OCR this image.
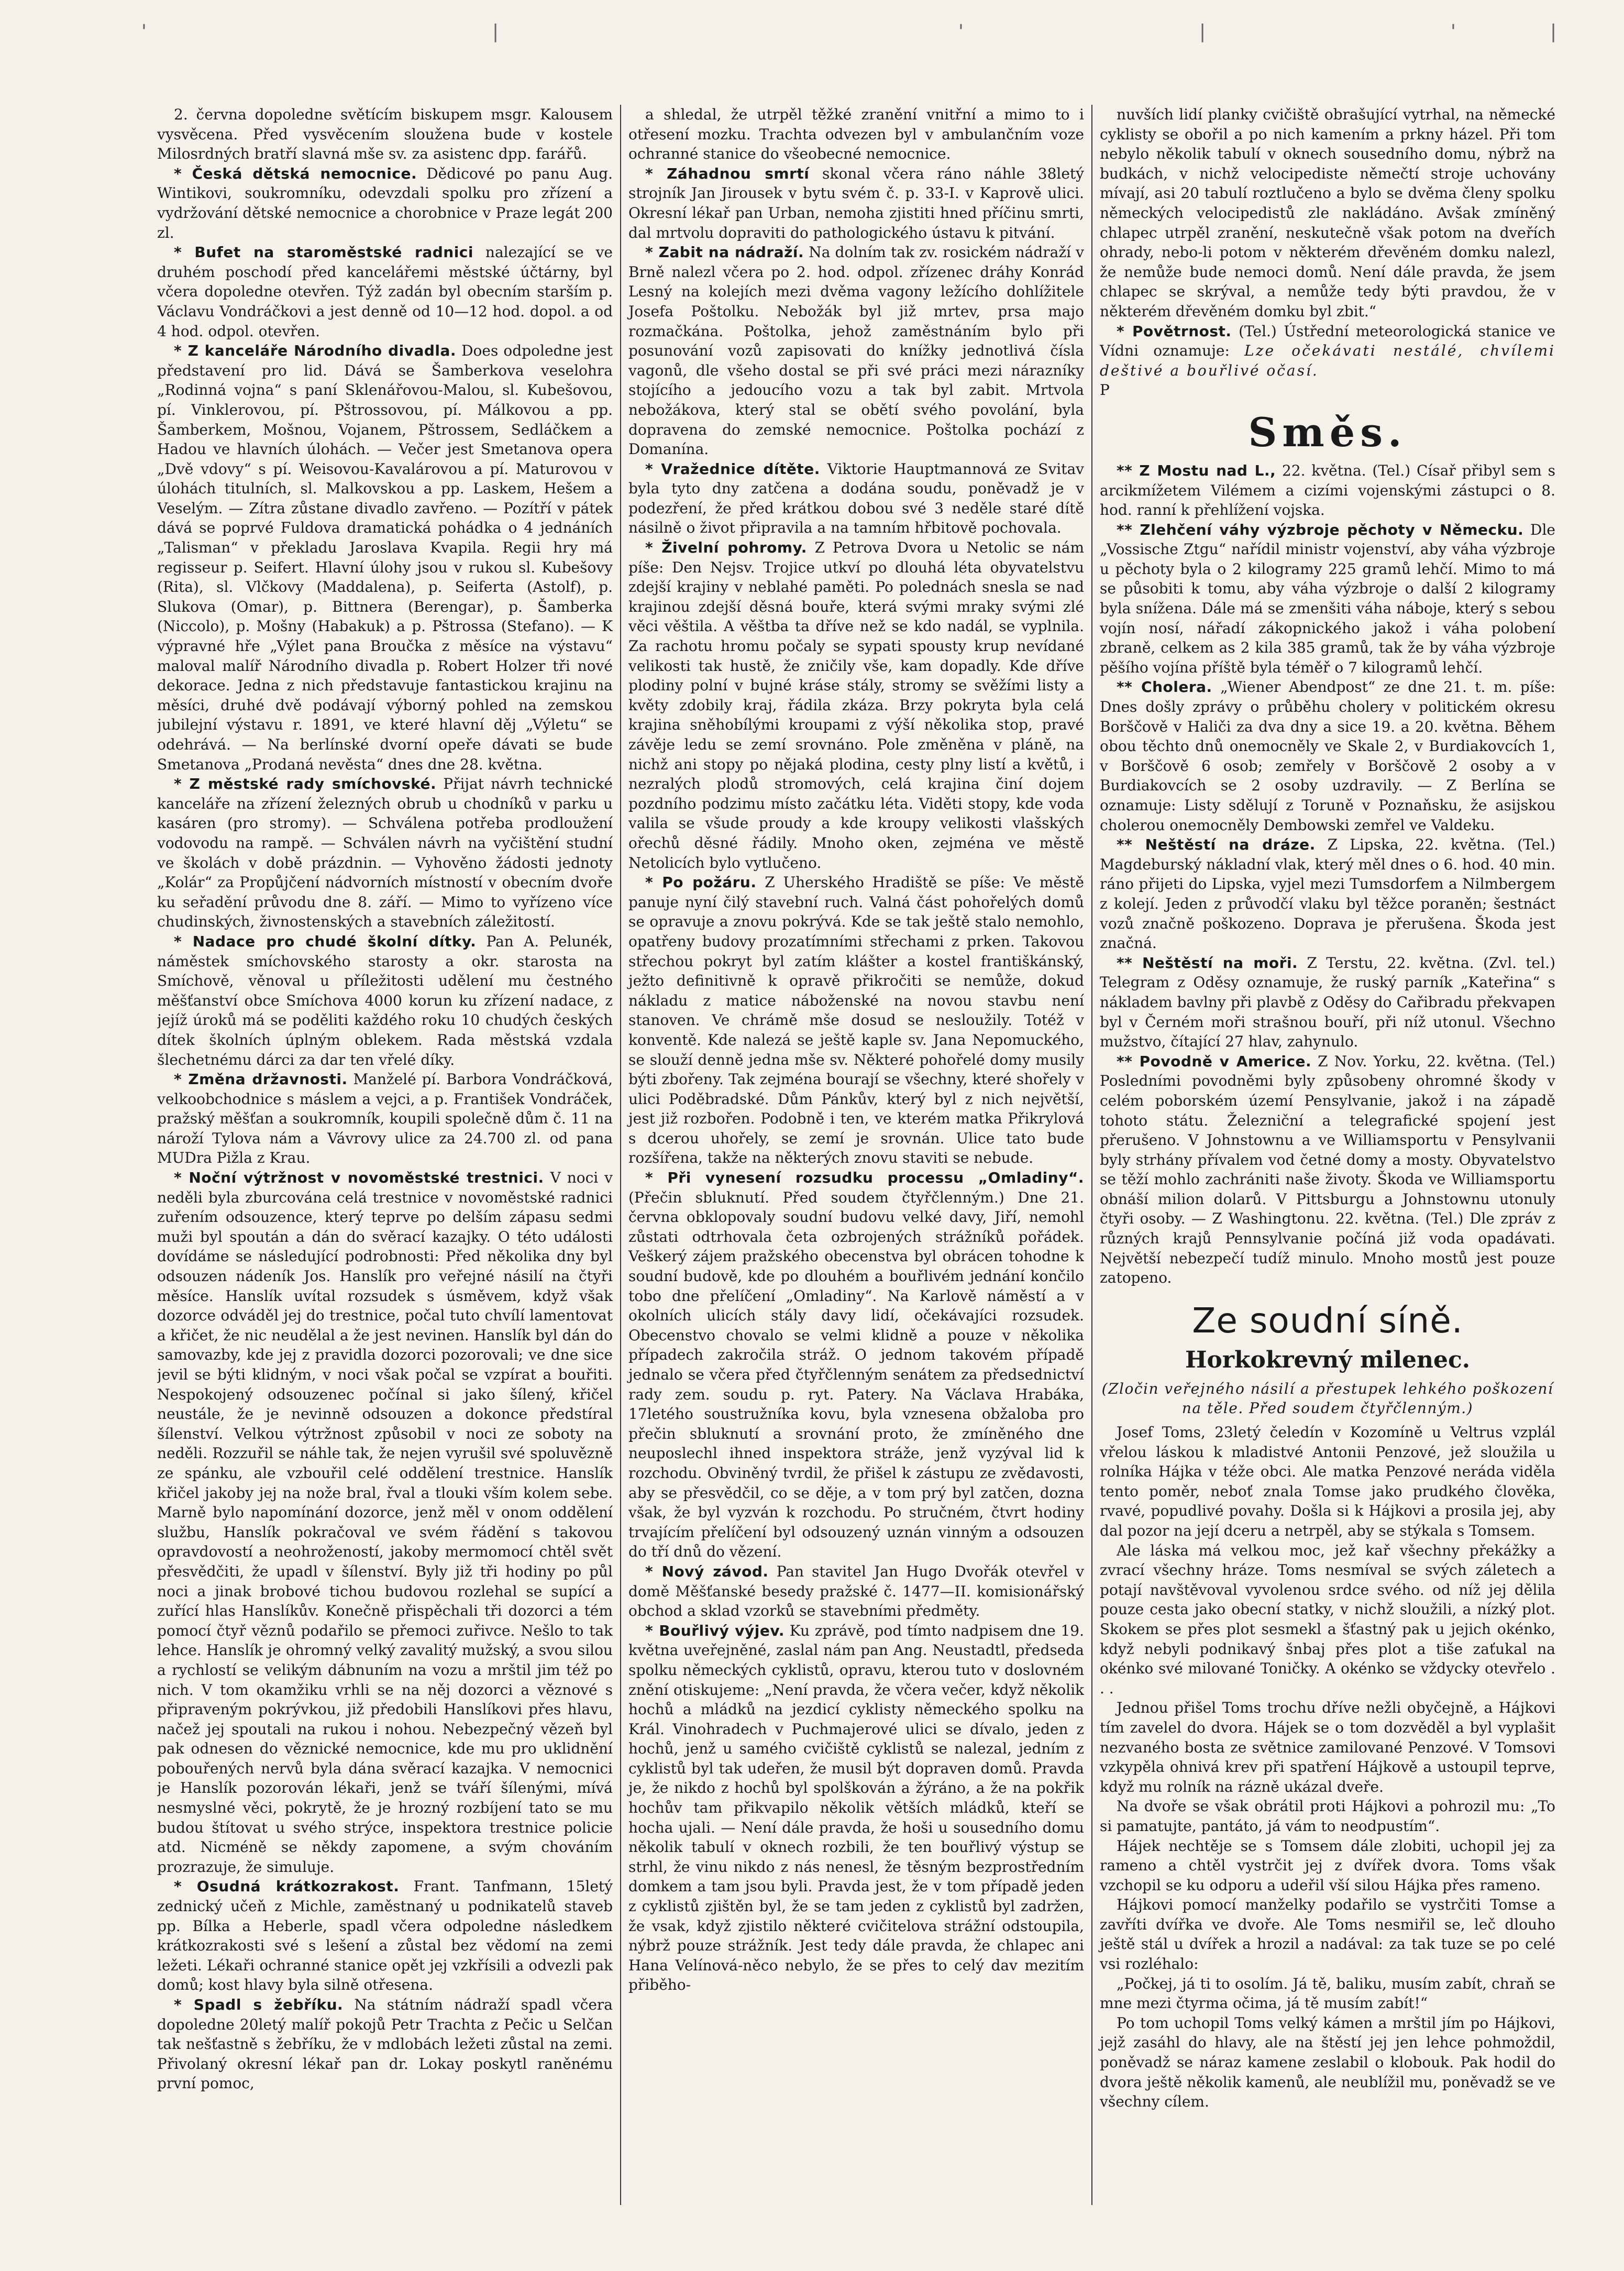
'	|	'	|	'	|

2. června dopoledne světícím biskupem msgr. Kalousem vysvěcena. Před vysvěcením sloužena bude v kostele Milosrdných bratří slavná mše sv. za asistenc dpp. farářů.

* Česká dětská nemocnice. Dědicové po panu Aug. Wintikovi, soukromníku, odevzdali spolku pro zřízení a vydržování dětské nemocnice a chorobnice v Praze legát 200 zl.

* Bufet na staroměstské radnici nalezající se ve druhém poschodí před kancelářemi městské účtárny, byl včera dopoledne otevřen. Týž zadán byl obecním starším p. Václavu Vondráčkovi a jest denně od 10—12 hod. dopol. a od 4 hod. odpol. otevřen.

* Z kanceláře Národního divadla. Does odpoledne jest představení pro lid. Dává se Šamberkova veselohra „Rodinná vojna“ s paní Sklenářovou-Malou, sl. Kubešovou, pí. Vinklerovou, pí. Pštrossovou, pí. Málkovou a pp. Šamberkem, Mošnou, Vojanem, Pštrossem, Sedláčkem a Hadou ve hlavních úlohách. — Večer jest Smetanova opera „Dvě vdovy“ s pí. Weisovou-Kavalárovou a pí. Maturovou v úlohách titulních, sl. Malkovskou a pp. Laskem, Hešem a Veselým. — Zítra zůstane divadlo zavřeno. — Pozítří v pátek dává se poprvé Fuldova dramatická pohádka o 4 jednáních „Talisman“ v překladu Jaroslava Kvapila. Regii hry má regisseur p. Seifert. Hlavní úlohy jsou v rukou sl. Kubešovy (Rita), sl. Vlčkovy (Maddalena), p. Seiferta (Astolf), p. Slukova (Omar), p. Bittnera (Berengar), p. Šamberka (Niccolo), p. Mošny (Habakuk) a p. Pštrossa (Stefano). — K výpravné hře „Výlet pana Broučka z měsíce na výstavu“ maloval malíř Národního divadla p. Robert Holzer tři nové dekorace. Jedna z nich představuje fantastickou krajinu na měsíci, druhé dvě podávají výborný pohled na zemskou jubilejní výstavu r. 1891, ve které hlavní děj „Výletu“ se odehrává. — Na berlínské dvorní opeře dávati se bude Smetanova „Prodaná nevěsta“ dnes dne 28. května.

* Z městské rady smíchovské. Přijat návrh technické kanceláře na zřízení železných obrub u chodníků v parku u kasáren (pro stromy). — Schválena potřeba prodloužení vodovodu na rampě. — Schválen návrh na vyčištění studní ve školách v době prázdnin. — Vyhověno žádosti jednoty „Kolár“ za Propůjčení nádvorních místností v obecním dvoře ku seřadění průvodu dne 8. září. — Mimo to vyřízeno více chudinských, živnostenských a stavebních záležitostí.

* Nadace pro chudé školní dítky. Pan A. Pelunék, náměstek smíchovského starosty a okr. starosta na Smíchově, věnoval u příležitosti udělení mu čestného měšťanství obce Smíchova 4000 korun ku zřízení nadace, z jejíž úroků má se poděliti každého roku 10 chudých českých dítek školních úplným oblekem. Rada městská vzdala šlechetnému dárci za dar ten vřelé díky.

* Změna državnosti. Manželé pí. Barbora Vondráčková, velkoobchodnice s máslem a vejci, a p. František Vondráček, pražský měšťan a soukromník, koupili společně dům č. 11 na nároží Tylova nám a Vávrovy ulice za 24.700 zl. od pana MUDra Pižla z Krau.

* Noční výtržnost v novoměstské trestnici. V noci v neděli byla zburcována celá trestnice v novoměstské radnici zuřením odsouzence, který teprve po delším zápasu sedmi muži byl spoután a dán do svěrací kazajky. O této události dovídáme se následující podrobnosti: Před několika dny byl odsouzen nádeník Jos. Hanslík pro veřejné násilí na čtyři měsíce. Hanslík uvítal rozsudek s úsměvem, když však dozorce odváděl jej do trestnice, počal tuto chvílí lamentovat a křičet, že nic neudělal a že jest nevinen. Hanslík byl dán do samovazby, kde jej z pravidla dozorci pozorovali; ve dne sice jevil se býti klidným, v noci však počal se vzpírat a bouřiti. Nespokojený odsouzenec počínal si jako šílený, křičel neustále, že je nevinně odsouzen a dokonce předstíral šílenství. Velkou výtržnost způsobil v noci ze soboty na neděli. Rozzuřil se náhle tak, že nejen vyrušil své spoluvězně ze spánku, ale vzbouřil celé oddělení trestnice. Hanslík křičel jakoby jej na nože bral, řval a tlouki vším kolem sebe. Marně bylo napomínání dozorce, jenž měl v onom oddělení službu, Hanslík pokračoval ve svém řádění s takovou opravdovostí a neohrožeností, jakoby mermomocí chtěl svět přesvědčiti, že upadl v šílenství. Byly již tři hodiny po půl noci a jinak brobové tichou budovou rozlehal se supící a zuřící hlas Hanslíkův. Konečně přispěchali tři dozorci a tém pomocí čtyř věznů podařilo se přemoci zuřivce. Nešlo to tak lehce. Hanslík je ohromný velký zavalitý mužský, a svou silou a rychlostí se velikým dábnuním na vozu a mrštil jim též po nich. V tom okamžiku vrhli se na něj dozorci a věznové s připraveným pokrývkou, již předobili Hanslíkovi přes hlavu, načež jej spoutali na rukou i nohou. Nebezpečný vězeň byl pak odnesen do věznické nemocnice, kde mu pro uklidnění pobouřených nervů byla dána svěrací kazajka. V nemocnici je Hanslík pozorován lékaři, jenž se tváří šílenými, mívá nesmyslné věci, pokrytě, že je hrozný rozbíjení tato se mu budou štítovat u svého strýce, inspektora trestnice policie atd. Nicméně se někdy zapomene, a svým chováním prozrazuje, že simuluje.

* Osudná krátkozrakost. Frant. Tanfmann, 15letý zednický učeň z Michle, zaměstnaný u podnikatelů staveb pp. Bílka a Heberle, spadl včera odpoledne následkem krátkozrakosti své s lešení a zůstal bez vědomí na zemi ležeti. Lékaři ochranné stanice opět jej vzkřísili a odvezli pak domů; kost hlavy byla silně otřesena.

* Spadl s žebříku. Na státním nádraží spadl včera dopoledne 20letý malíř pokojů Petr Trachta z Pečic u Selčan tak nešťastně s žebříku, že v mdlobách ležeti zůstal na zemi. Přivolaný okresní lékař pan dr. Lokay poskytl raněnému první pomoc,

a shledal, že utrpěl těžké zranění vnitřní a mimo to i otřesení mozku. Trachta odvezen byl v ambulančním voze ochranné stanice do všeobecné nemocnice.

* Záhadnou smrtí skonal včera ráno náhle 38letý strojník Jan Jirousek v bytu svém č. p. 33-I. v Kaprově ulici. Okresní lékař pan Urban, nemoha zjistiti hned příčinu smrti, dal mrtvolu dopraviti do pathologického ústavu k pitvání.

* Zabit na nádraží. Na dolním tak zv. rosickém nádraží v Brně nalezl včera po 2. hod. odpol. zřízenec dráhy Konrád Lesný na kolejích mezi dvěma vagony ležícího dohlížitele Josefa Poštolku. Nebožák byl již mrtev, prsa majo rozmačkána. Poštolka, jehož zaměstnáním bylo při posunování vozů zapisovati do knížky jednotlivá čísla vagonů, dle všeho dostal se při své práci mezi nárazníky stojícího a jedoucího vozu a tak byl zabit. Mrtvola nebožákova, který stal se obětí svého povolání, byla dopravena do zemské nemocnice. Poštolka pochází z Domanína.

* Vražednice dítěte. Viktorie Hauptmannová ze Svitav byla tyto dny zatčena a dodána soudu, poněvadž je v podezření, že před krátkou dobou své 3 neděle staré dítě násilně o život připravila a na tamním hřbitově pochovala.

* Živelní pohromy. Z Petrova Dvora u Netolic se nám píše: Den Nejsv. Trojice utkví po dlouhá léta obyvatelstvu zdejší krajiny v neblahé paměti. Po polednách snesla se nad krajinou zdejší děsná bouře, která svými mraky svými zlé věci věštila. A věštba ta dříve než se kdo nadál, se vyplnila. Za rachotu hromu počaly se sypati spousty krup nevídané velikosti tak hustě, že zničily vše, kam dopadly. Kde dříve plodiny polní v bujné kráse stály, stromy se svěžími listy a květy zdobily kraj, řádila zkáza. Brzy pokryta byla celá krajina sněhobílými kroupami z výší několika stop, pravé závěje ledu se zemí srovnáno. Pole změněna v pláně, na nichž ani stopy po nějaká plodina, cesty plny listí a květů, i nezralých plodů stromových, celá krajina činí dojem pozdního podzimu místo začátku léta. Viděti stopy, kde voda valila se všude proudy a kde kroupy velikosti vlašských ořechů děsné řádily. Mnoho oken, zejména ve městě Netolicích bylo vytlučeno.

* Po požáru. Z Uherského Hradiště se píše: Ve městě panuje nyní čilý stavební ruch. Valná část pohořelých domů se opravuje a znovu pokrývá. Kde se tak ještě stalo nemohlo, opatřeny budovy prozatímními střechami z prken. Takovou střechou pokryt byl zatím klášter a kostel františkánský, ježto definitivně k opravě přikročiti se nemůže, dokud nákladu z matice náboženské na novou stavbu není stanoven. Ve chrámě mše dosud se nesloužily. Totéž v konventě. Kde nalezá se ještě kaple sv. Jana Nepomuckého, se slouží denně jedna mše sv. Některé pohořelé domy musily býti zbořeny. Tak zejména bourají se všechny, které shořely v ulici Poděbradské. Dům Pánkův, který byl z nich největší, jest již rozbořen. Podobně i ten, ve kterém matka Přikrylová s dcerou uhořely, se zemí je srovnán. Ulice tato bude rozšířena, takže na některých znovu staviti se nebude.

* Při vynesení rozsudku processu „Omladiny“. (Přečin sbluknutí. Před soudem čtyřčlenným.) Dne 21. června obklopovaly soudní budovu velké davy, Jiří, nemohl zůstati odtrhovala četa ozbrojených strážníků pořádek. Veškerý zájem pražského obecenstva byl obrácen tohodne k soudní budově, kde po dlouhém a bouřlivém jednání končilo tobo dne přelíčení „Omladiny“. Na Karlově náměstí a v okolních ulicích stály davy lidí, očekávajíci rozsudek. Obecenstvo chovalo se velmi klidně a pouze v několika případech zakročila stráž. O jednom takovém případě jednalo se včera před čtyřčlenným senátem za předsednictví rady zem. soudu p. ryt. Patery. Na Václava Hrabáka, 17letého soustružníka kovu, byla vznesena obžaloba pro přečin sbluknutí a srovnání proto, že zmíněného dne neuposlechl ihned inspektora stráže, jenž vyzýval lid k rozchodu. Obviněný tvrdil, že přišel k zástupu ze zvědavosti, aby se přesvědčil, co se děje, a v tom prý byl zatčen, dozna však, že byl vyzván k rozchodu. Po stručném, čtvrt hodiny trvajícím přelíčení byl odsouzený uznán vinným a odsouzen do tří dnů do vězení.

* Nový závod. Pan stavitel Jan Hugo Dvořák otevřel v domě Měšťanské besedy pražské č. 1477—II. komisionářský obchod a sklad vzorků se stavebními předměty.

* Bouřlivý výjev. Ku zprávě, pod tímto nadpisem dne 19. května uveřejněné, zaslal nám pan Ang. Neustadtl, předseda spolku německých cyklistů, opravu, kterou tuto v doslovném znění otiskujeme: „Není pravda, že včera večer, když několik hochů a mládků na jezdicí cyklisty německého spolku na Král. Vinohradech v Puchmajerové ulici se dívalo, jeden z hochů, jenž u samého cvičiště cyklistů se nalezal, jedním z cyklistů byl tak udeřen, že musil být dopraven domů. Pravda je, že nikdo z hochů byl spolškován a žýráno, a že na pokřik hochův tam přikvapilo několik větších mládků, kteří se hocha ujali. — Není dále pravda, že hoši u sousedního domu několik tabulí v oknech rozbili, že ten bouřlivý výstup se strhl, že vinu nikdo z nás nenesl, že těsným bezprostředním domkem a tam jsou byli. Pravda jest, že v tom případě jeden z cyklistů zjištěn byl, že se tam jeden z cyklistů byl zadržen, že vsak, když zjistilo některé cvičitelova strážní odstoupila, nýbrž pouze strážník. Jest tedy dále pravda, že chlapec ani Hana Velínová-něco nebylo, že se přes to celý dav mezitím přiběho-

nuvších lidí planky cvičiště obrašující vytrhal, na německé cyklisty se obořil a po nich kamením a prkny házel. Při tom nebylo několik tabulí v oknech sousedního domu, nýbrž na budkách, v nichž velocipediste němečtí stroje uchovány mívají, asi 20 tabulí roztlučeno a bylo se dvěma členy spolku německých velocipedistů zle nakládáno. Avšak zmíněný chlapec utrpěl zranění, neskutečně však potom na dveřích ohrady, nebo-li potom v některém dřevěném domku nalezl, že nemůže bude nemoci domů. Není dále pravda, že jsem chlapec se skrýval, a nemůže tedy býti pravdou, že v některém dřevěném domku byl zbit.“

* Povětrnost. (Tel.) Ústřední meteorologická stanice ve Vídni oznamuje: Lze očekávati nestálé, chvílemi deštivé a bouřlivé očasí.

P
Směs.

** Z Mostu nad L., 22. května. (Tel.) Císař přibyl sem s arcikmížetem Vilémem a cizími vojenskými zástupci o 8. hod. ranní k přehlížení vojska.

** Zlehčení váhy výzbroje pěchoty v Německu. Dle „Vossische Ztgu“ nařídil ministr vojenství, aby váha výzbroje u pěchoty byla o 2 kilogramy 225 gramů lehčí. Mimo to má se působiti k tomu, aby váha výzbroje o další 2 kilogramy byla snížena. Dále má se zmenšiti váha náboje, který s sebou vojín nosí, nářadí zákopnického jakož i váha polobení zbraně, celkem as 2 kila 385 gramů, tak že by váha výzbroje pěšího vojína příště byla téměř o 7 kilogramů lehčí.

** Cholera. „Wiener Abendpost“ ze dne 21. t. m. píše: Dnes došly zprávy o průběhu cholery v politickém okresu Borščově v Haliči za dva dny a sice 19. a 20. května. Během obou těchto dnů onemocněly ve Skale 2, v Burdiakovcích 1, v Borščově 6 osob; zemřely v Borščově 2 osoby a v Burdiakovcích se 2 osoby uzdravily. — Z Berlína se oznamuje: Listy sdělují z Toruně v Poznaňsku, že asijskou cholerou onemocněly Dembowski zemřel ve Valdeku.

** Neštěstí na dráze. Z Lipska, 22. května. (Tel.) Magdeburský nákladní vlak, který měl dnes o 6. hod. 40 min. ráno přijeti do Lipska, vyjel mezi Tumsdorfem a Nilmbergem z kolejí. Jeden z průvodčí vlaku byl těžce poraněn; šestnáct vozů značně poškozeno. Doprava je přerušena. Škoda jest značná.

** Neštěstí na moři. Z Terstu, 22. května. (Zvl. tel.) Telegram z Oděsy oznamuje, že ruský parník „Kateřina“ s nákladem bavlny při plavbě z Oděsy do Cařibradu překvapen byl v Černém moři strašnou bouří, při níž utonul. Všechno mužstvo, čítající 27 hlav, zahynulo.

** Povodně v Americe. Z Nov. Yorku, 22. května. (Tel.) Posledními povodněmi byly způsobeny ohromné škody v celém poborském území Pensylvanie, jakož i na západě tohoto státu. Železniční a telegrafické spojení jest přerušeno. V Johnstownu a ve Williamsportu v Pensylvanii byly strhány přívalem vod četné domy a mosty. Obyvatelstvo se těží mohlo zachrániti naše životy. Škoda ve Williamsportu obnáší milion dolarů. V Pittsburgu a Johnstownu utonuly čtyři osoby. — Z Washingtonu. 22. května. (Tel.) Dle zpráv z různých krajů Pennsylvanie počíná již voda opadávati. Největší nebezpečí tudíž minulo. Mnoho mostů jest pouze zatopeno.

Ze soudní síně.
Horkokrevný milenec.
(Zločin veřejného násilí a přestupek lehkého poškození na těle. Před soudem čtyřčlenným.)

Josef Toms, 23letý čeledín v Kozomíně u Veltrus vzplál vřelou láskou k mladistvé Antonii Penzové, jež sloužila u rolníka Hájka v téže obci. Ale matka Penzové neráda viděla tento poměr, neboť znala Tomse jako prudkého člověka, rvavé, popudlivé povahy. Došla si k Hájkovi a prosila jej, aby dal pozor na její dceru a netrpěl, aby se stýkala s Tomsem.

Ale láska má velkou moc, jež kař všechny překážky a zvrací všechny hráze. Toms nesmíval se svých záletech a potají navštěvoval vyvolenou srdce svého. od níž jej dělila pouze cesta jako obecní statky, v nichž sloužili, a nízký plot. Skokem se přes plot sesmekl a šťastný pak u jejich okénko, když nebyli podnikavý šnbaj přes plot a tiše zaťukal na okénko své milované Toničky. A okénko se vždycky otevřelo . . .

Jednou přišel Toms trochu dříve nežli obyčejně, a Hájkovi tím zavelel do dvora. Hájek se o tom dozvěděl a byl vyplašit nezvaného bosta ze světnice zamilované Penzové. V Tomsovi vzkypěla ohnivá krev při spatření Hájkově a ustoupil teprve, když mu rolník na rázně ukázal dveře.

Na dvoře se však obrátil proti Hájkovi a pohrozil mu: „To si pamatujte, pantáto, já vám to neodpustím“.

Hájek nechtěje se s Tomsem dále zlobiti, uchopil jej za rameno a chtěl vystrčit jej z dvířek dvora. Toms však vzchopil se ku odporu a udeřil vší silou Hájka přes rameno.

Hájkovi pomocí manželky podařilo se vystrčiti Tomse a zavříti dvířka ve dvoře. Ale Toms nesmiřil se, leč dlouho ještě stál u dvířek a hrozil a nadával: za tak tuze se po celé vsi rozléhalo:

„Počkej, já ti to osolím. Já tě, baliku, musím zabít, chraň se mne mezi čtyrma očima, já tě musím zabít!“

Po tom uchopil Toms velký kámen a mrštil jím po Hájkovi, jejž zasáhl do hlavy, ale na štěstí jej jen lehce pohmoždil, poněvadž se náraz kamene zeslabil o klobouk. Pak hodil do dvora ještě několik kamenů, ale neublížil mu, poněvadž se ve všechny cílem.
